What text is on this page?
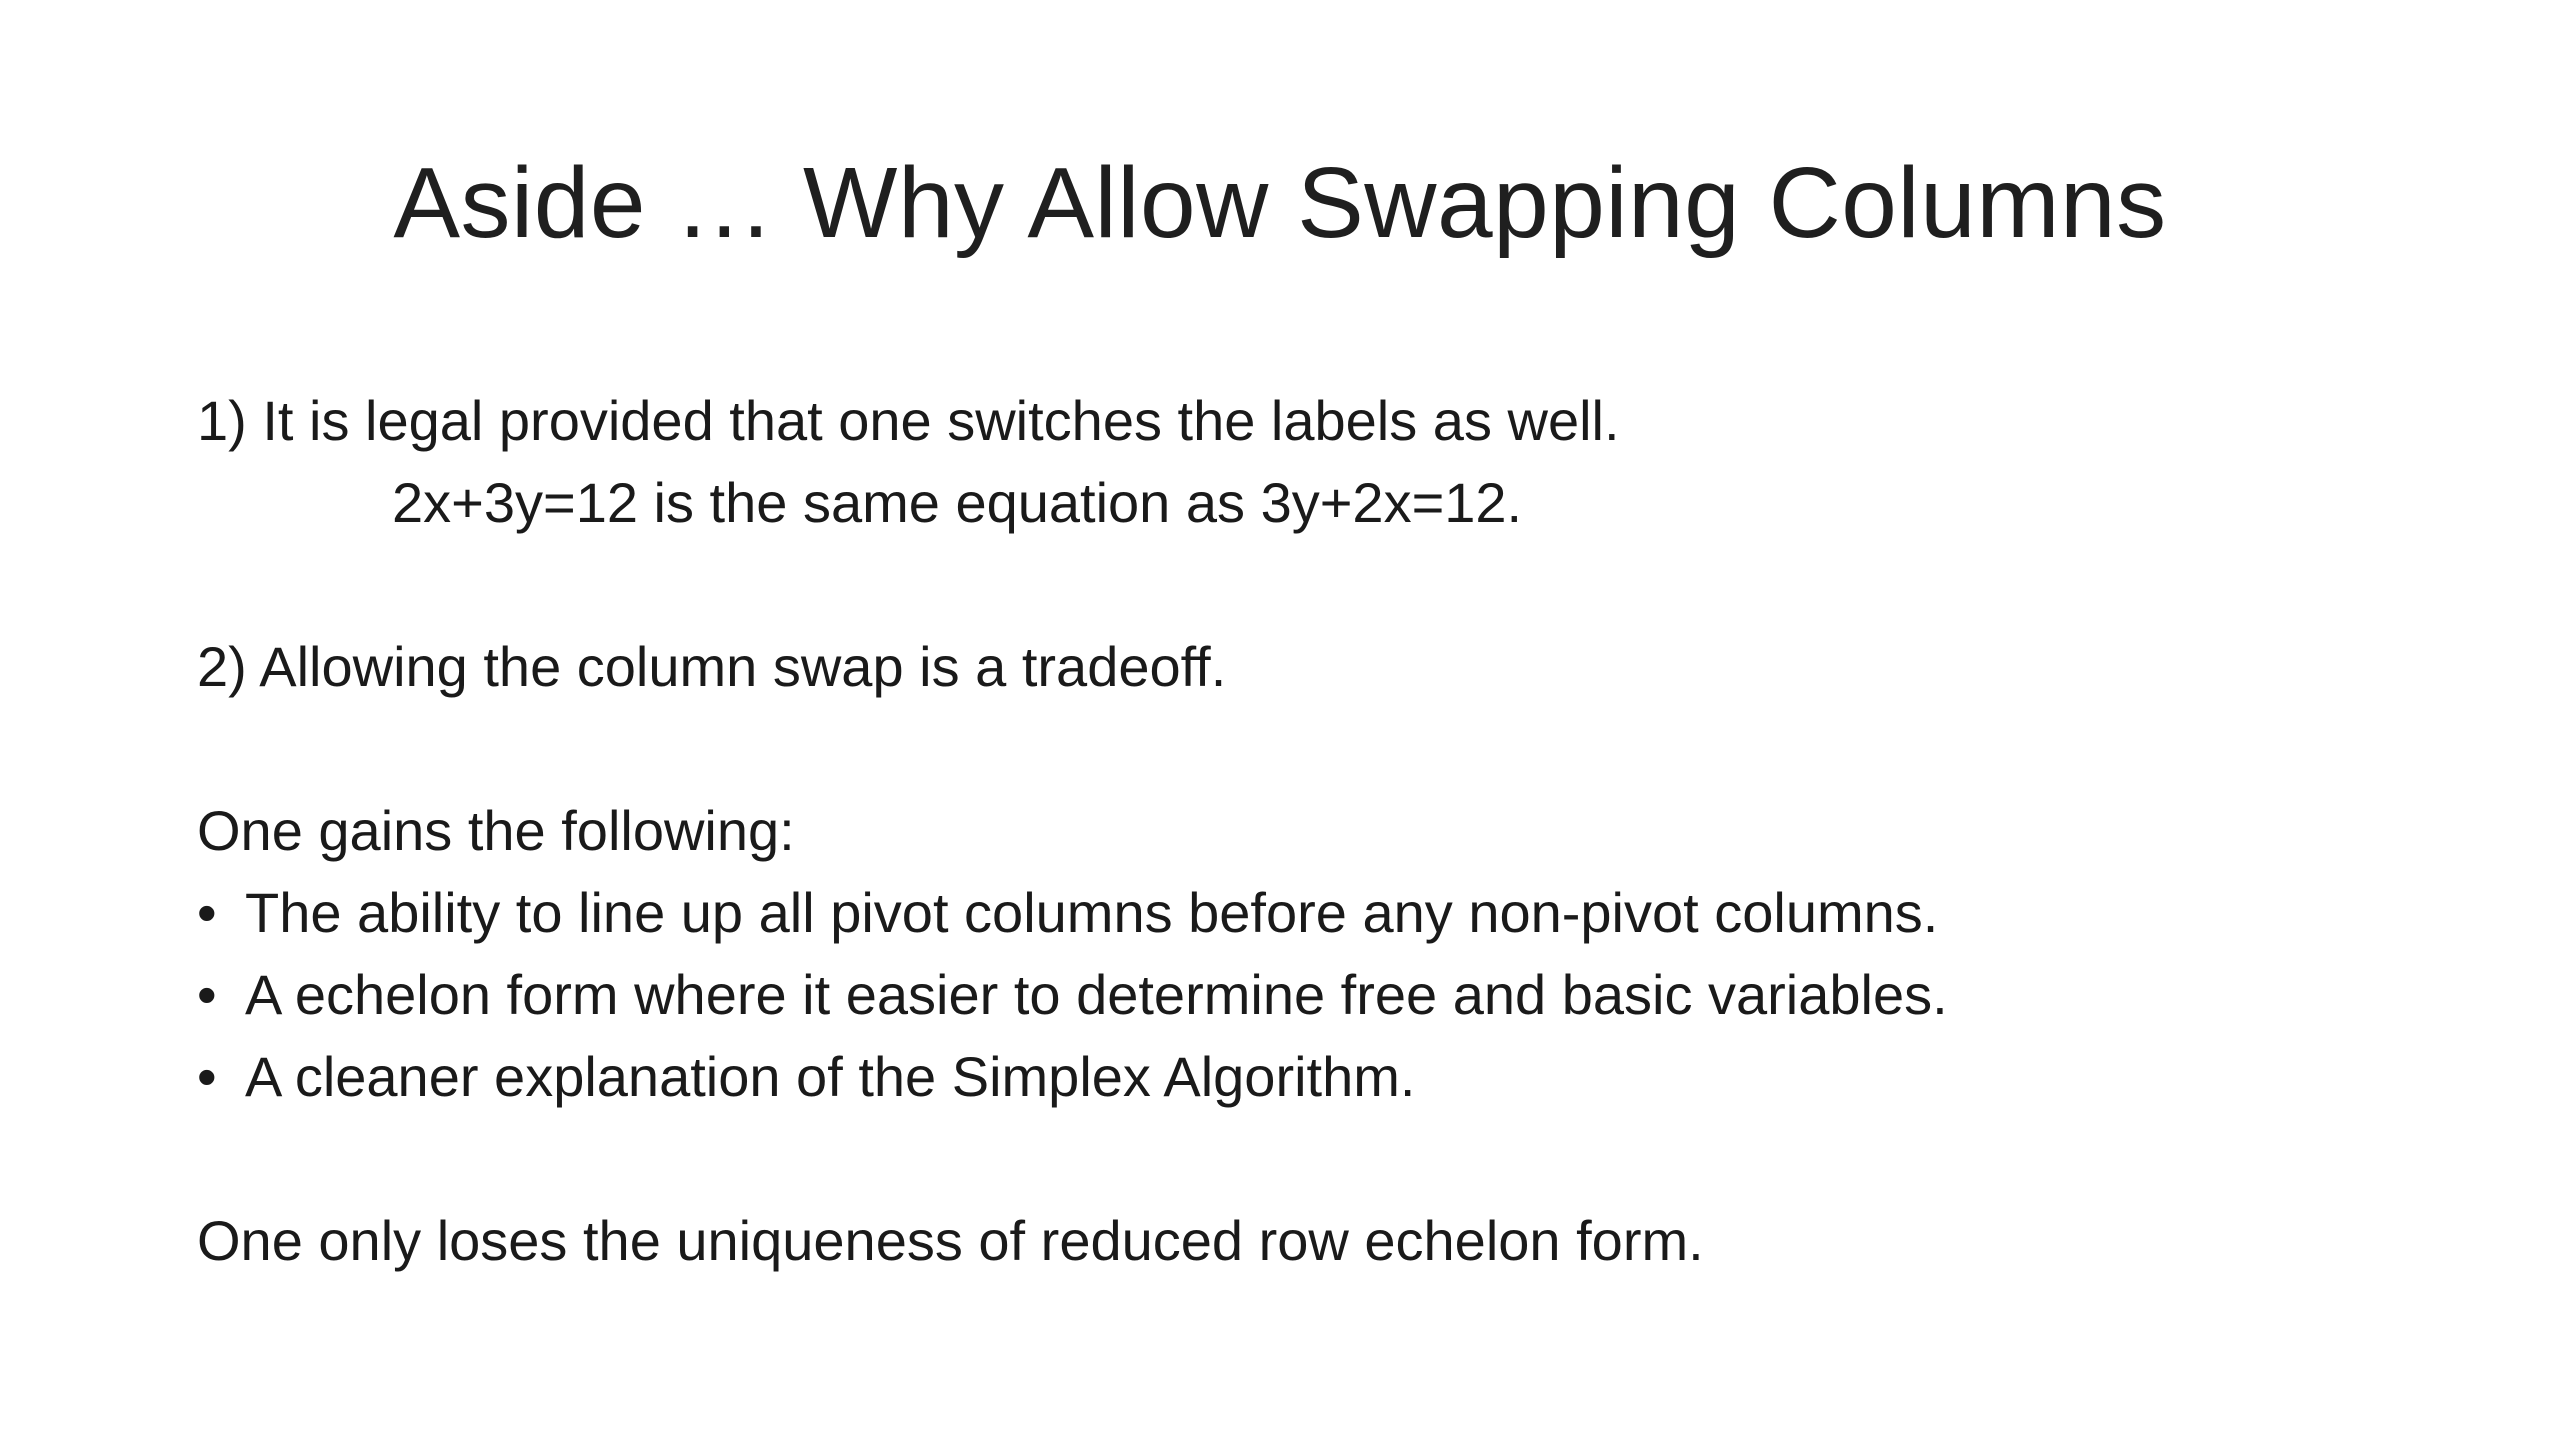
Aside … Why Allow Swapping Columns
1) It is legal provided that one switches the labels as well.
2x+3y=12 is the same equation as 3y+2x=12.
2) Allowing the column swap is a tradeoff.
One gains the following:
• The ability to line up all pivot columns before any non-pivot columns.
• A echelon form where it easier to determine free and basic variables.
• A cleaner explanation of the Simplex Algorithm.
One only loses the uniqueness of reduced row echelon form.
